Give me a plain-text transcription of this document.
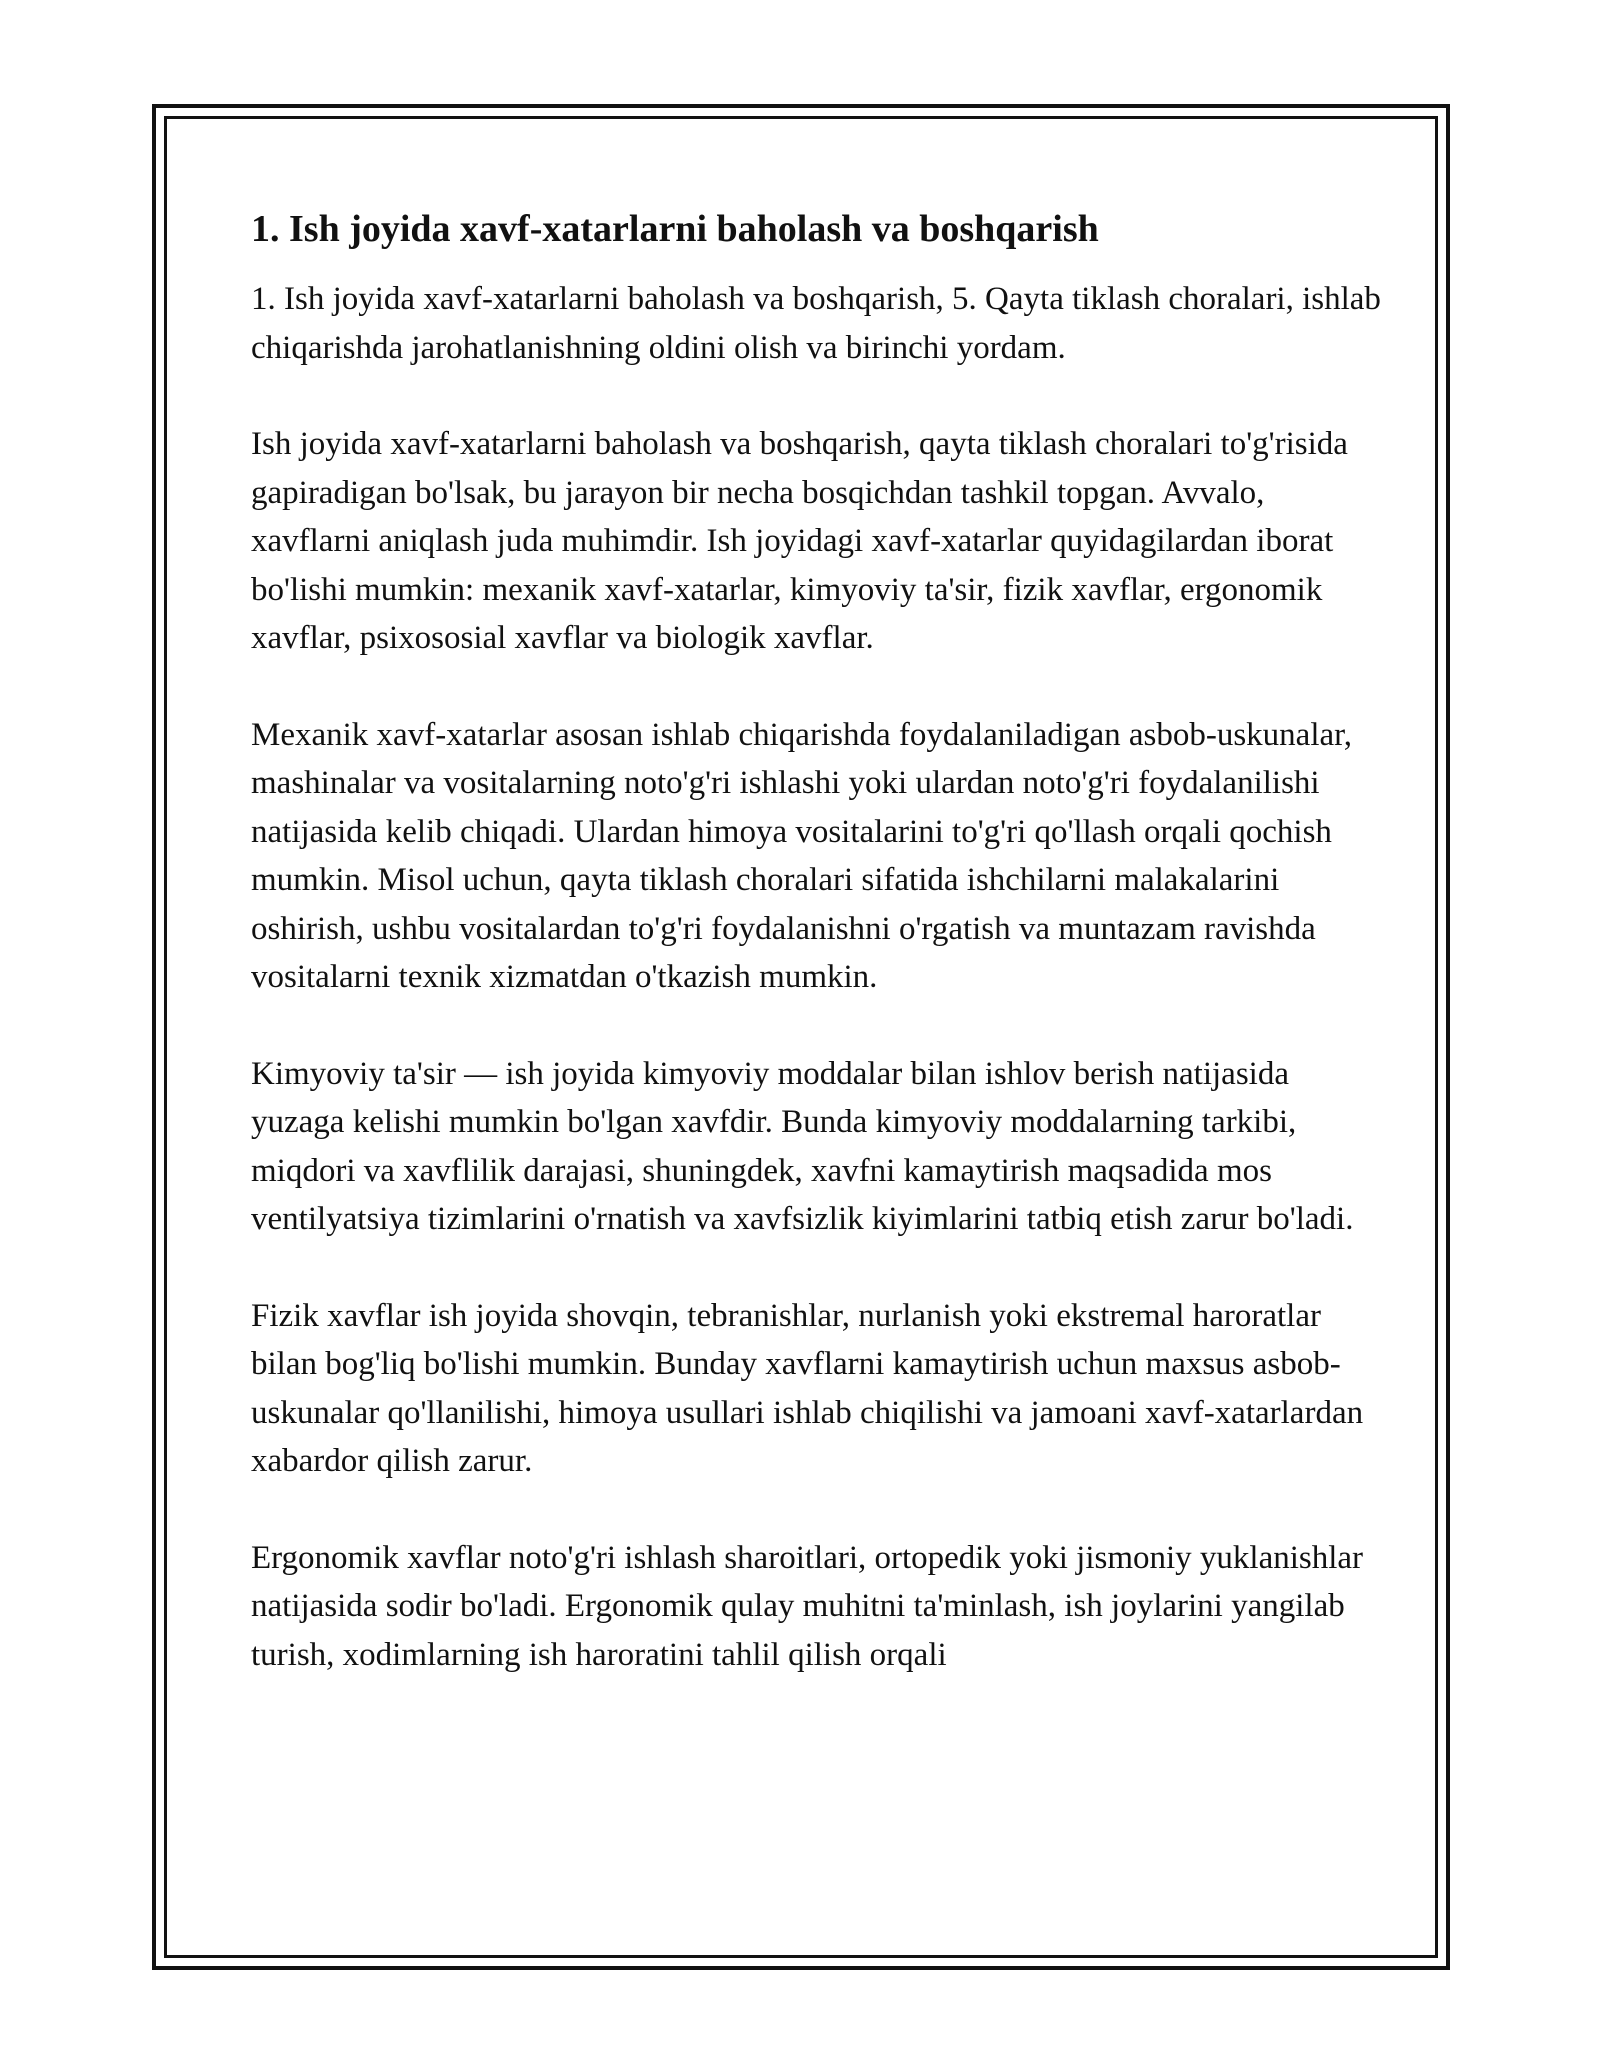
1. Ish joyida xavf-xatarlarni baholash va boshqarish

1. Ish joyida xavf-xatarlarni baholash va boshqarish, 5. Qayta tiklash choralari, ishlab chiqarishda jarohatlanishning oldini olish va birinchi yordam.

Ish joyida xavf-xatarlarni baholash va boshqarish, qayta tiklash choralari to'g'risida gapiradigan bo'lsak, bu jarayon bir necha bosqichdan tashkil topgan. Avvalo, xavflarni aniqlash juda muhimdir. Ish joyidagi xavf-xatarlar quyidagilardan iborat bo'lishi mumkin: mexanik xavf-xatarlar, kimyoviy ta'sir, fizik xavflar, ergonomik xavflar, psixososial xavflar va biologik xavflar.

Mexanik xavf-xatarlar asosan ishlab chiqarishda foydalaniladigan asbob-uskunalar, mashinalar va vositalarning noto'g'ri ishlashi yoki ulardan noto'g'ri foydalanilishi natijasida kelib chiqadi. Ulardan himoya vositalarini to'g'ri qo'llash orqali qochish mumkin. Misol uchun, qayta tiklash choralari sifatida ishchilarni malakalarini oshirish, ushbu vositalardan to'g'ri foydalanishni o'rgatish va muntazam ravishda vositalarni texnik xizmatdan o'tkazish mumkin.

Kimyoviy ta'sir — ish joyida kimyoviy moddalar bilan ishlov berish natijasida yuzaga kelishi mumkin bo'lgan xavfdir. Bunda kimyoviy moddalarning tarkibi, miqdori va xavflilik darajasi, shuningdek, xavfni kamaytirish maqsadida mos ventilyatsiya tizimlarini o'rnatish va xavfsizlik kiyimlarini tatbiq etish zarur bo'ladi.

Fizik xavflar ish joyida shovqin, tebranishlar, nurlanish yoki ekstremal haroratlar bilan bog'liq bo'lishi mumkin. Bunday xavflarni kamaytirish uchun maxsus asbob-uskunalar qo'llanilishi, himoya usullari ishlab chiqilishi va jamoani xavf-xatarlardan xabardor qilish zarur.

Ergonomik xavflar noto'g'ri ishlash sharoitlari, ortopedik yoki jismoniy yuklanishlar natijasida sodir bo'ladi. Ergonomik qulay muhitni ta'minlash, ish joylarini yangilab turish, xodimlarning ish haroratini tahlil qilish orqali
